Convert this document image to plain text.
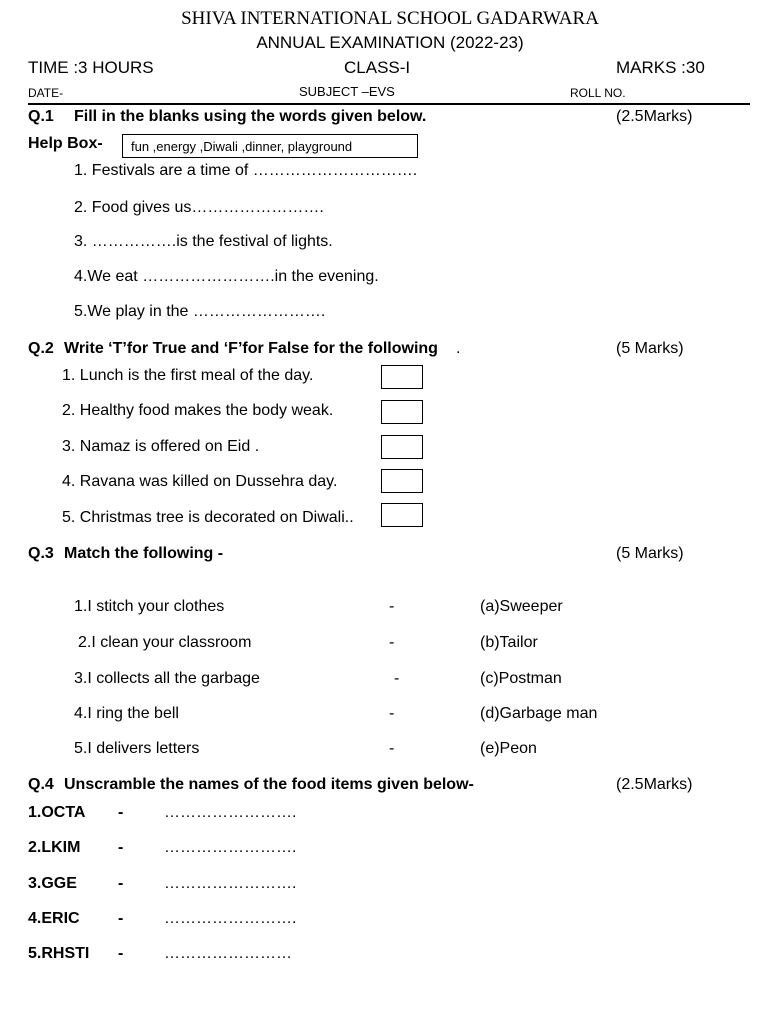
SHIVA INTERNATIONAL SCHOOL GADARWARA
ANNUAL EXAMINATION (2022-23)
TIME :3 HOURS	CLASS-I	MARKS :30
DATE-	SUBJECT –EVS	ROLL NO.
Q.1 Fill in the blanks using the words given below.	(2.5Marks)
Help Box-	fun ,energy ,Diwali ,dinner, playground
1. Festivals are a time of ………………………….
2. Food gives us…………………….
3. …………….is the festival of lights.
4.We eat …………………….in the evening.
5.We play in the …………………….
Q.2 Write ‘T’for True and ‘F’for False for the following .	(5 Marks)
1. Lunch is the first meal of the day.
2. Healthy food makes the body weak.
3. Namaz is offered on Eid .
4. Ravana was killed on Dussehra day.
5. Christmas tree is decorated on Diwali..
Q.3 Match the following -	(5 Marks)
1.I stitch your clothes	-	(a)Sweeper
2.I clean your classroom	-	(b)Tailor
3.I collects all the garbage	-	(c)Postman
4.I ring the bell	-	(d)Garbage man
5.I delivers letters	-	(e)Peon
Q.4 Unscramble the names of the food items given below-	(2.5Marks)
1.OCTA -	…………………….
2.LKIM -	…………………….
3.GGE	-	…………………….
4.ERIC -	…………………….
5.RHSTI -	……………………
